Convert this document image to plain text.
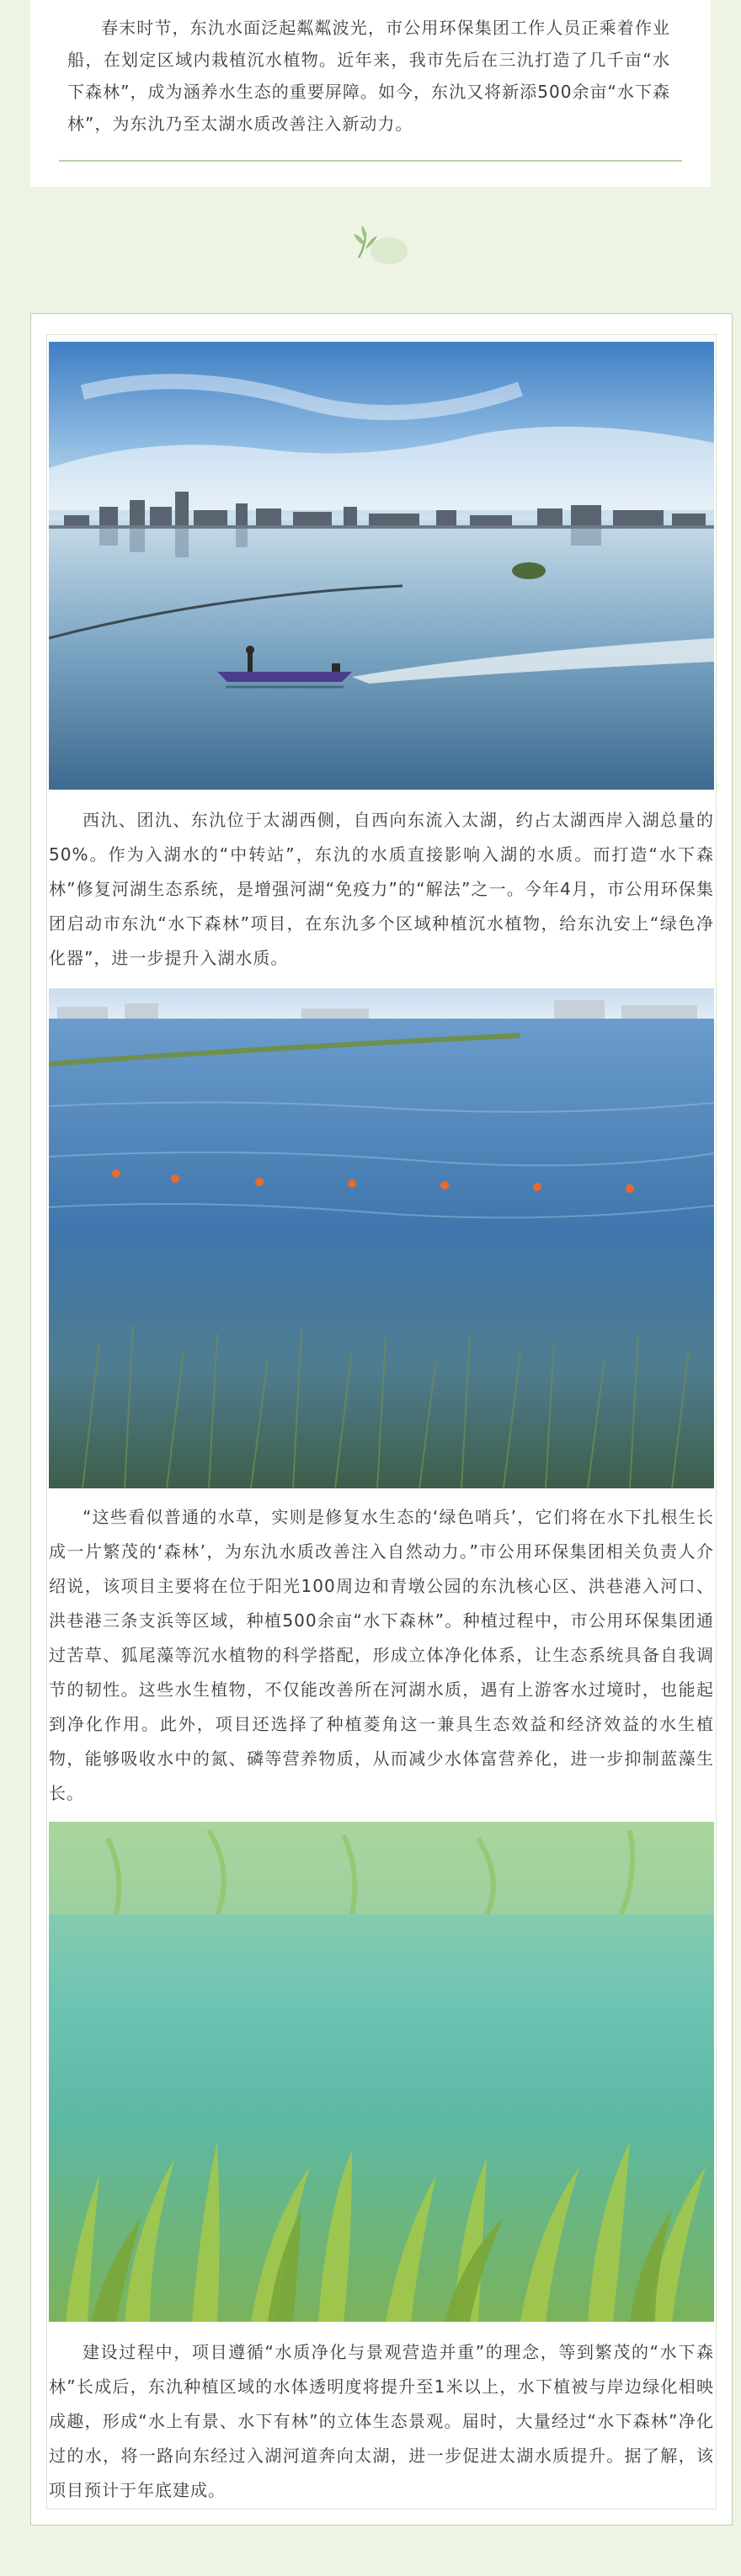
春末时节，东氿水面泛起粼粼波光，市公用环保集团工作人员正乘着作业船，在划定区域内栽植沉水植物。近年来，我市先后在三氿打造了几千亩“水下森林”，成为涵养水生态的重要屏障。如今，东氿又将新添500余亩“水下森林”，为东氿乃至太湖水质改善注入新动力。

西氿、团氿、东氿位于太湖西侧，自西向东流入太湖，约占太湖西岸入湖总量的50%。作为入湖水的“中转站”，东氿的水质直接影响入湖的水质。而打造“水下森林”修复河湖生态系统，是增强河湖“免疫力”的“解法”之一。今年4月，市公用环保集团启动市东氿“水下森林”项目，在东氿多个区域种植沉水植物，给东氿安上“绿色净化器”，进一步提升入湖水质。

“这些看似普通的水草，实则是修复水生态的‘绿色哨兵’，它们将在水下扎根生长成一片繁茂的‘森林’，为东氿水质改善注入自然动力。”市公用环保集团相关负责人介绍说，该项目主要将在位于阳光100周边和青墩公园的东氿核心区、洪巷港入河口、洪巷港三条支浜等区域，种植500余亩“水下森林”。种植过程中，市公用环保集团通过苦草、狐尾藻等沉水植物的科学搭配，形成立体净化体系，让生态系统具备自我调节的韧性。这些水生植物，不仅能改善所在河湖水质，遇有上游客水过境时，也能起到净化作用。此外，项目还选择了种植菱角这一兼具生态效益和经济效益的水生植物，能够吸收水中的氮、磷等营养物质，从而减少水体富营养化，进一步抑制蓝藻生长。

建设过程中，项目遵循“水质净化与景观营造并重”的理念，等到繁茂的“水下森林”长成后，东氿种植区域的水体透明度将提升至1米以上，水下植被与岸边绿化相映成趣，形成“水上有景、水下有林”的立体生态景观。届时，大量经过“水下森林”净化过的水，将一路向东经过入湖河道奔向太湖，进一步促进太湖水质提升。据了解，该项目预计于年底建成。
